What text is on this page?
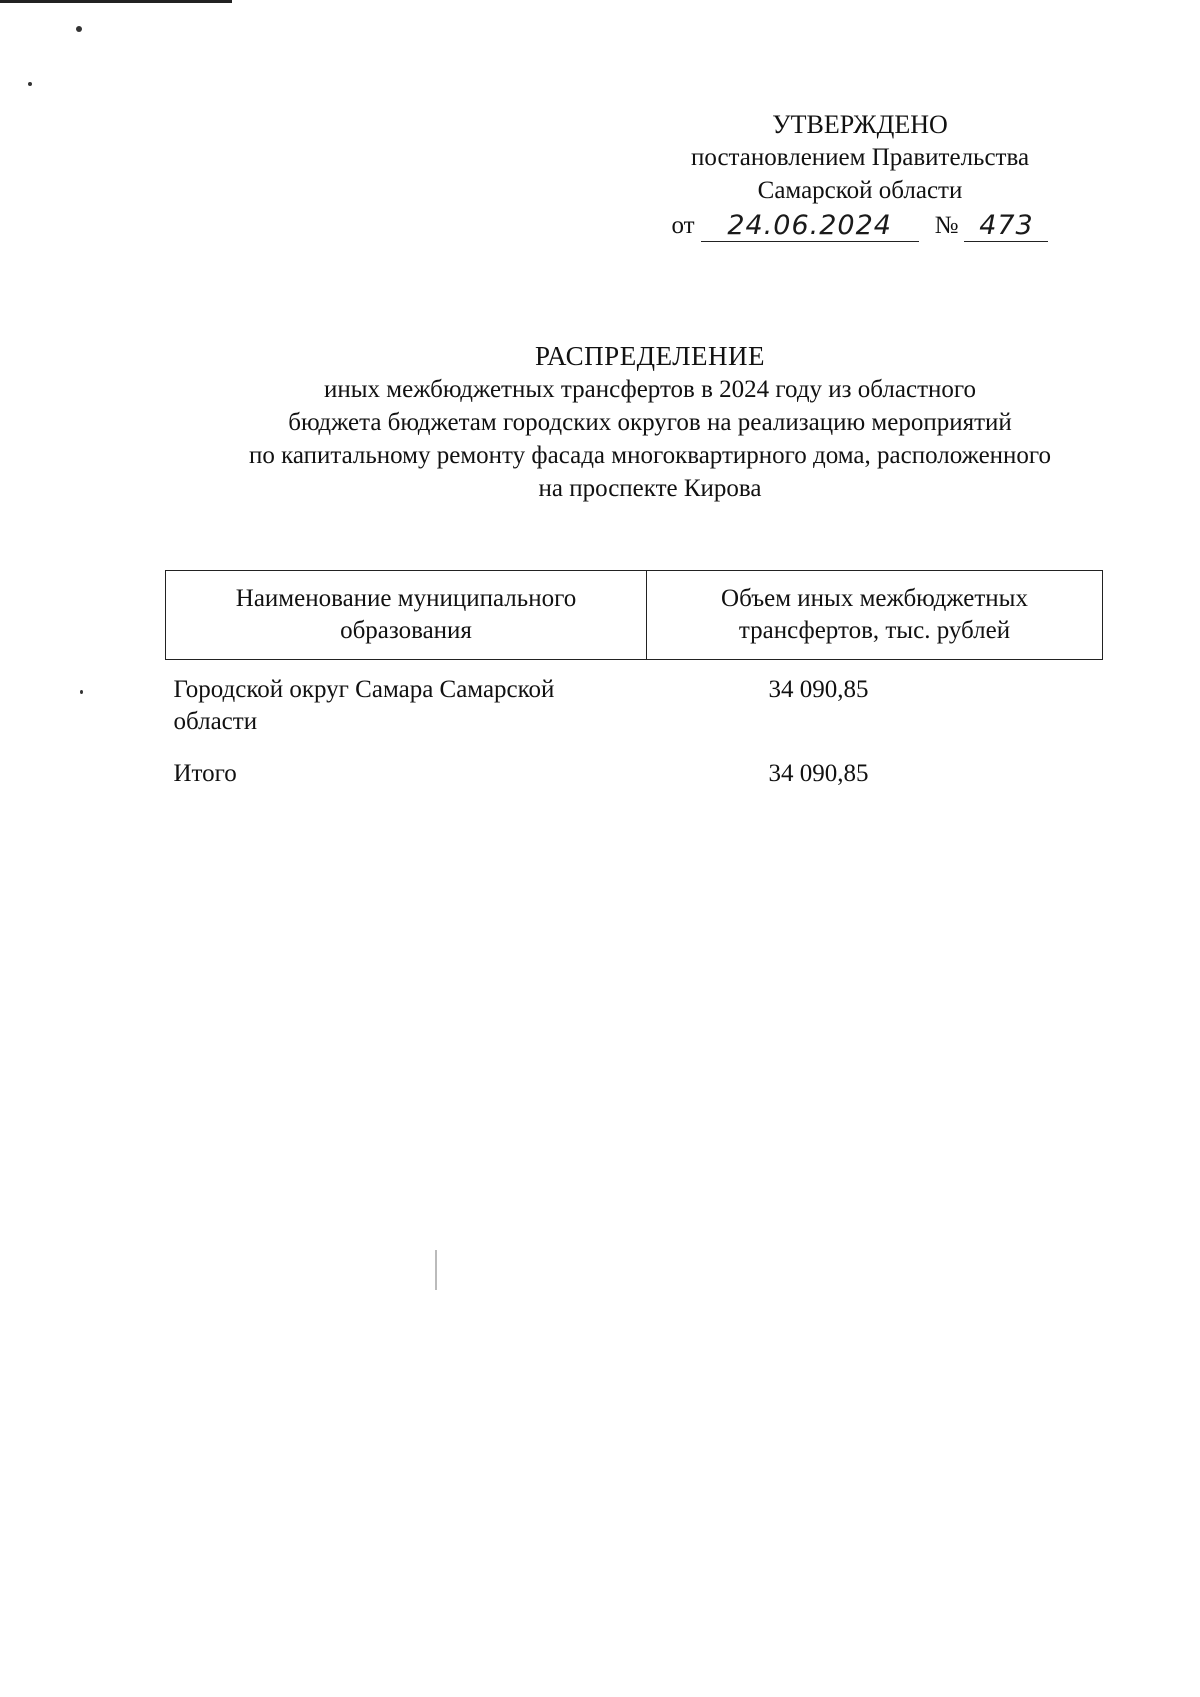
УТВЕРЖДЕНО
постановлением Правительства
Самарской области
от	24.06.2024	№ 473
РАСПРЕДЕЛЕНИЕ
иных межбюджетных трансфертов в 2024 году из областного
бюджета бюджетам городских округов на реализацию мероприятий
по капитальному ремонту фасада многоквартирного дома, расположенного
на проспекте Кирова
Наименование муниципального образования	Объем иных межбюджетных трансфертов, тыс. рублей
Городской округ Самара Самарской области	34 090,85
Итого	34 090,85
